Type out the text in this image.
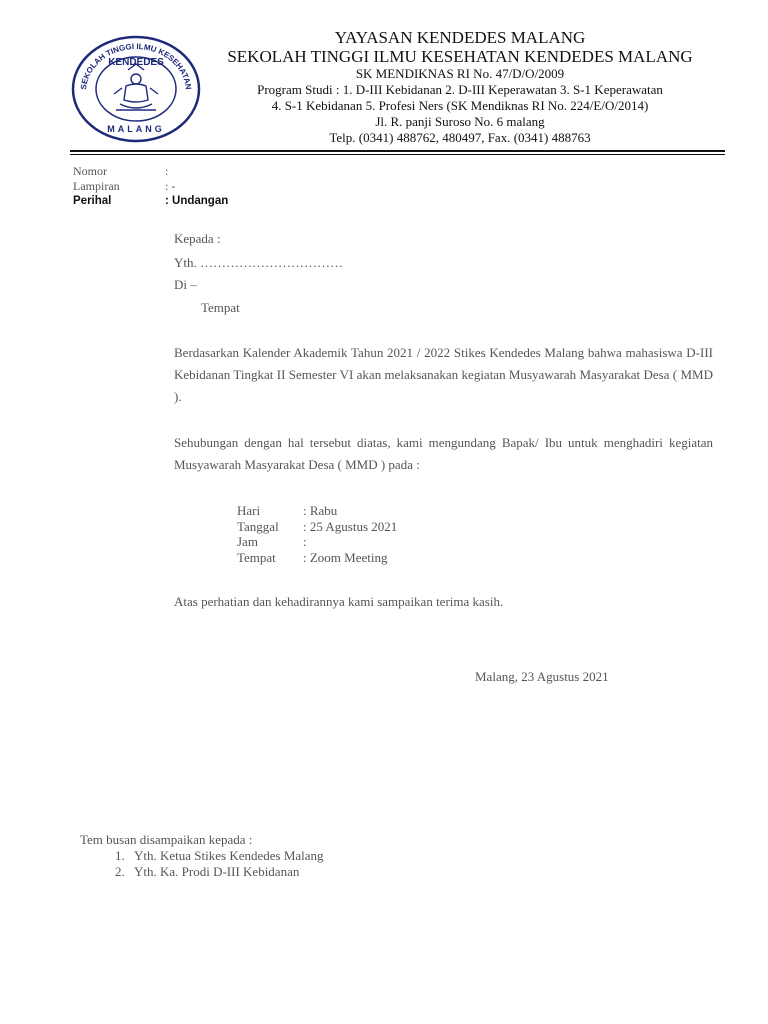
SEKOLAH TINGGI ILMU KESEHATAN
KENDEDES
MALANG
YAYASAN KENDEDES MALANG
SEKOLAH TINGGI ILMU KESEHATAN KENDEDES MALANG
SK MENDIKNAS RI No. 47/D/O/2009
Program Studi : 1. D-III Kebidanan 2. D-III Keperawatan 3. S-1 Keperawatan
4. S-1 Kebidanan 5. Profesi Ners (SK Mendiknas RI No. 224/E/O/2014)
Jl. R. panji Suroso No. 6 malang
Telp. (0341) 488762, 480497, Fax. (0341) 488763
Nomor	:
Lampiran	: -
Perihal	: Undangan
Kepada :
Yth. ……………………………
Di –
Tempat
Berdasarkan Kalender Akademik Tahun 2021 / 2022 Stikes Kendedes Malang bahwa mahasiswa D-III Kebidanan Tingkat II Semester VI akan melaksanakan kegiatan Musyawarah Masyarakat Desa ( MMD ).
Sehubungan dengan hal tersebut diatas, kami mengundang Bapak/ Ibu untuk menghadiri kegiatan Musyawarah Masyarakat Desa ( MMD ) pada :
Hari	: Rabu
Tanggal : 25 Agustus 2021
Jam	:
Tempat : Zoom Meeting
Atas perhatian dan kehadirannya kami sampaikan terima kasih.
Malang, 23 Agustus 2021
Tem busan disampaikan kepada :
1. Yth. Ketua Stikes Kendedes Malang
2. Yth. Ka. Prodi D-III Kebidanan
